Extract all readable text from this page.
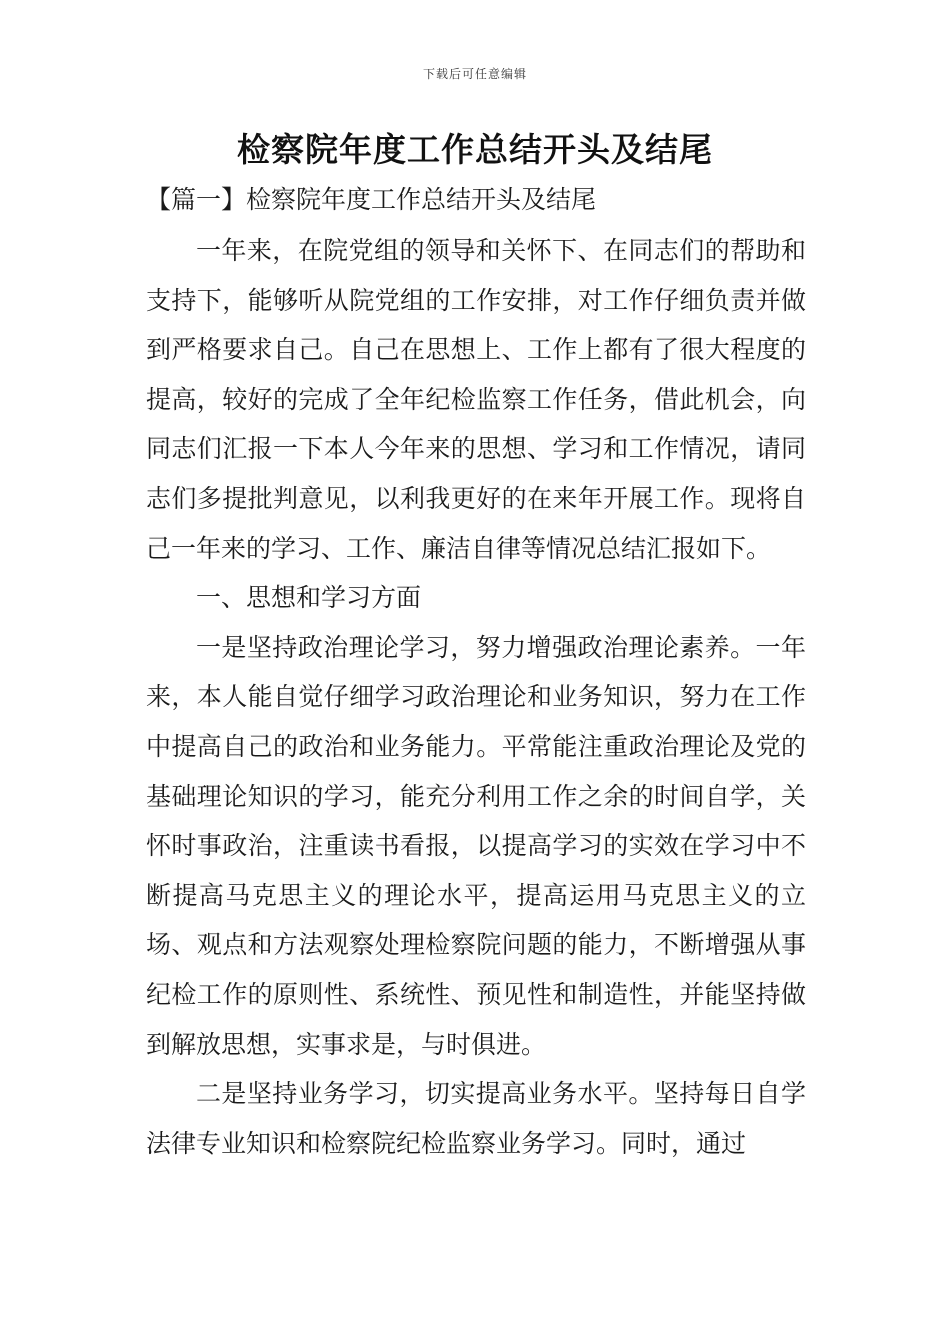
下载后可任意编辑
检察院年度工作总结开头及结尾
【篇一】检察院年度工作总结开头及结尾

一年来，在院党组的领导和关怀下、在同志们的帮助和支持下，能够听从院党组的工作安排，对工作仔细负责并做到严格要求自己。自己在思想上、工作上都有了很大程度的提高，较好的完成了全年纪检监察工作任务，借此机会，向同志们汇报一下本人今年来的思想、学习和工作情况，请同志们多提批判意见，以利我更好的在来年开展工作。现将自己一年来的学习、工作、廉洁自律等情况总结汇报如下。

一、思想和学习方面

一是坚持政治理论学习，努力增强政治理论素养。一年来，本人能自觉仔细学习政治理论和业务知识，努力在工作中提高自己的政治和业务能力。平常能注重政治理论及党的基础理论知识的学习，能充分利用工作之余的时间自学，关怀时事政治，注重读书看报，以提高学习的实效在学习中不断提高马克思主义的理论水平，提高运用马克思主义的立场、观点和方法观察处理检察院问题的能力，不断增强从事纪检工作的原则性、系统性、预见性和制造性，并能坚持做到解放思想，实事求是，与时俱进。

二是坚持业务学习，切实提高业务水平。坚持每日自学法律专业知识和检察院纪检监察业务学习。同时，通过
